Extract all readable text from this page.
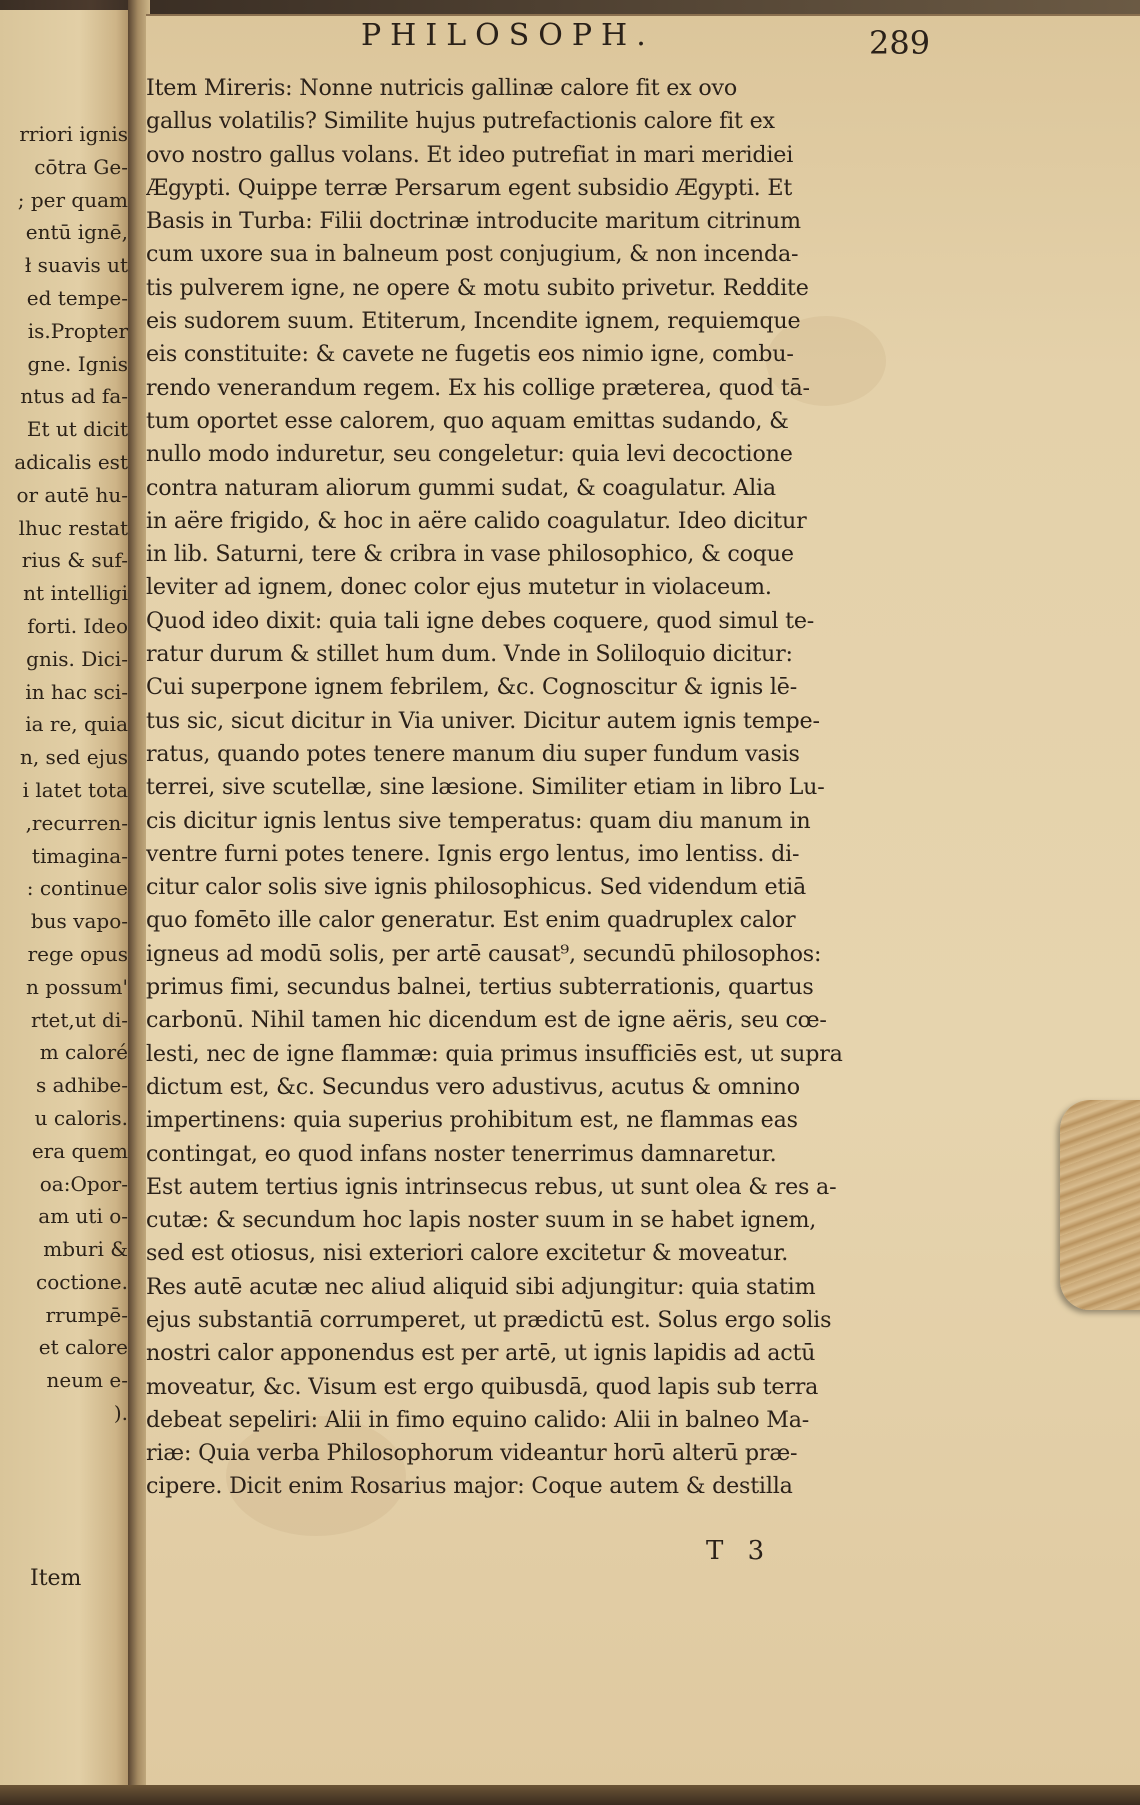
rriori ignis
cōtra Ge-
; per quam
entū ignē,
ł suavis ut
ed tempe-
is.Propter
gne. Ignis
ntus ad fa-
Et ut dicit
adicalis est
or autē hu-
lhuc restat
rius & suf-
nt intelligi
forti. Ideo
gnis. Dici-
in hac sci-
ia re, quia
n, sed ejus
i latet tota
,recurren-
timagina-
: continue
bus vapo-
rege opus
n possum'
rtet,ut di-
m caloré
s adhibe-
u caloris.
era quem
oa:Opor-
am uti o-
mburi &
coctione.
rrumpē-
et calore
neum e-
).
Item
PHILOSOPH.	289
Item Mireris: Nonne nutricis gallinæ calore fit ex ovo
gallus volatilis? Similite hujus putrefactionis calore fit ex
ovo nostro gallus volans. Et ideo putrefiat in mari meridiei
Ægypti. Quippe terræ Persarum egent subsidio Ægypti. Et
Basis in Turba: Filii doctrinæ introducite maritum citrinum
cum uxore sua in balneum post conjugium, & non incenda-
tis pulverem igne, ne opere & motu subito privetur. Reddite
eis sudorem suum. Etiterum, Incendite ignem, requiemque
eis constituite: & cavete ne fugetis eos nimio igne, combu-
rendo venerandum regem. Ex his collige præterea, quod tā-
tum oportet esse calorem, quo aquam emittas sudando, &
nullo modo induretur, seu congeletur: quia levi decoctione
contra naturam aliorum gummi sudat, & coagulatur. Alia
in aëre frigido, & hoc in aëre calido coagulatur. Ideo dicitur
in lib. Saturni, tere & cribra in vase philosophico, & coque
leviter ad ignem, donec color ejus mutetur in violaceum.
Quod ideo dixit: quia tali igne debes coquere, quod simul te-
ratur durum & stillet hum dum. Vnde in Soliloquio dicitur:
Cui superpone ignem febrilem, &c. Cognoscitur & ignis lē-
tus sic, sicut dicitur in Via univer. Dicitur autem ignis tempe-
ratus, quando potes tenere manum diu super fundum vasis
terrei, sive scutellæ, sine læsione. Similiter etiam in libro Lu-
cis dicitur ignis lentus sive temperatus: quam diu manum in
ventre furni potes tenere. Ignis ergo lentus, imo lentiss. di-
citur calor solis sive ignis philosophicus. Sed videndum etiā
quo fomēto ille calor generatur. Est enim quadruplex calor
igneus ad modū solis, per artē causat⁹, secundū philosophos:
primus fimi, secundus balnei, tertius subterrationis, quartus
carbonū. Nihil tamen hic dicendum est de igne aëris, seu cœ-
lesti, nec de igne flammæ: quia primus insufficiēs est, ut supra
dictum est, &c. Secundus vero adustivus, acutus & omnino
impertinens: quia superius prohibitum est, ne flammas eas
contingat, eo quod infans noster tenerrimus damnaretur.
Est autem tertius ignis intrinsecus rebus, ut sunt olea & res a-
cutæ: & secundum hoc lapis noster suum in se habet ignem,
sed est otiosus, nisi exteriori calore excitetur & moveatur.
Res autē acutæ nec aliud aliquid sibi adjungitur: quia statim
ejus substantiā corrumperet, ut prædictū est. Solus ergo solis
nostri calor apponendus est per artē, ut ignis lapidis ad actū
moveatur, &c. Visum est ergo quibusdā, quod lapis sub terra
debeat sepeliri: Alii in fimo equino calido: Alii in balneo Ma-
riæ: Quia verba Philosophorum videantur horū alterū præ-
cipere. Dicit enim Rosarius major: Coque autem & destilla
T 3
